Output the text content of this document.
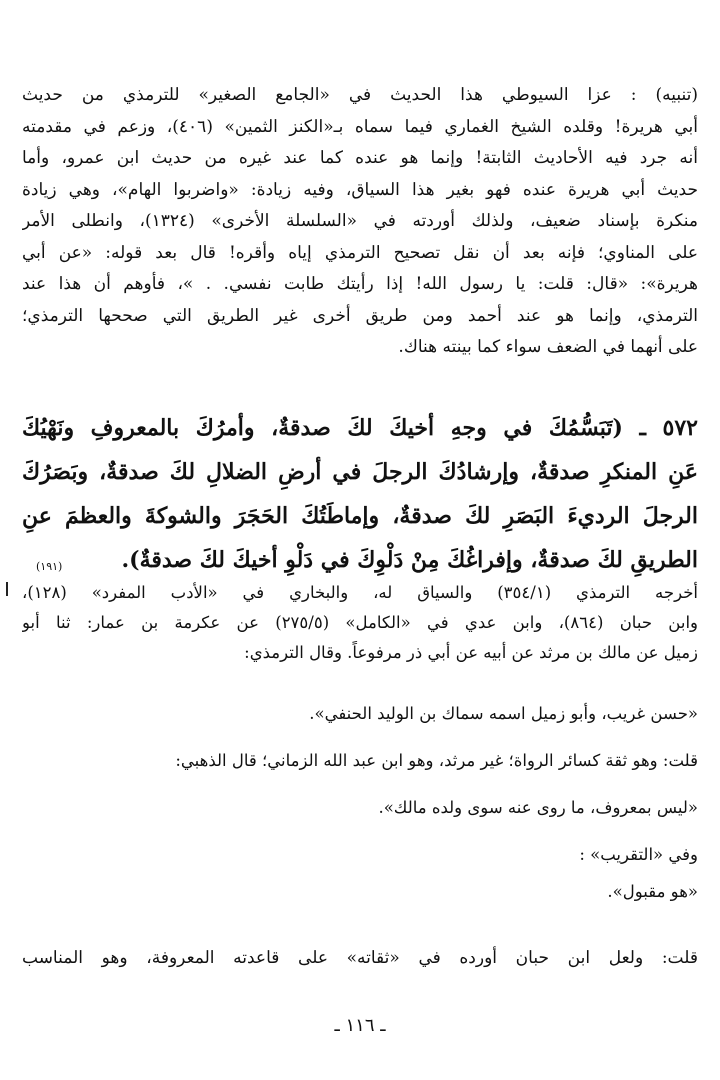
(تنبيه) : عزا السيوطي هذا الحديث في «الجامع الصغير» للترمذي من حديث
أبي هريرة! وقلده الشيخ الغماري فيما سماه بـ«الكنز الثمين» (٤٠٦)، وزعم في مقدمته
أنه جرد فيه الأحاديث الثابتة! وإنما هو عنده كما عند غيره من حديث ابن عمرو، وأما
حديث أبي هريرة عنده فهو بغير هذا السياق، وفيه زيادة: «واضربوا الهام»، وهي زيادة
منكرة بإسناد ضعيف، ولذلك أوردته في «السلسلة الأخرى» (١٣٢٤)، وانطلى الأمر
على المناوي؛ فإنه بعد أن نقل تصحيح الترمذي إياه وأقره! قال بعد قوله: «عن أبي
هريرة»: «قال: قلت: يا رسول الله! إذا رأيتك طابت نفسي. . »، فأوهم أن هذا عند
الترمذي، وإنما هو عند أحمد ومن طريق أخرى غير الطريق التي صححها الترمذي؛
على أنهما في الضعف سواء كما بينته هناك.
٥٧٢ ـ (تَبَسُّمُكَ في وجهِ أخيكَ لكَ صدقةٌ، وأمرُكَ بالمعروفِ ونَهْيُكَ
عَنِ المنكرِ صدقةٌ، وإرشادُكَ الرجلَ في أرضِ الضلالِ لكَ صدقةٌ، وبَصَرُكَ
الرجلَ الرديءَ البَصَرِ لكَ صدقةٌ، وإماطَتُكَ الحَجَرَ والشوكةَ والعظمَ عنِ
الطريقِ لكَ صدقةٌ، وإفراغُكَ مِنْ دَلْوِكَ في دَلْوِ أخيكَ لكَ صدقةٌ).
(١٩١)
أخرجه الترمذي (٣٥٤/١) والسياق له، والبخاري في «الأدب المفرد» (١٢٨)،
وابن حبان (٨٦٤)، وابن عدي في «الكامل» (٢٧٥/٥) عن عكرمة بن عمار: ثنا أبو
زميل عن مالك بن مرثد عن أبيه عن أبي ذر مرفوعاً. وقال الترمذي:
«حسن غريب، وأبو زميل اسمه سماك بن الوليد الحنفي».
قلت: وهو ثقة كسائر الرواة؛ غير مرثد، وهو ابن عبد الله الزماني؛ قال الذهبي:
«ليس بمعروف، ما روى عنه سوى ولده مالك».
وفي «التقريب» :
«هو مقبول».
قلت: ولعل ابن حبان أورده في «ثقاته» على قاعدته المعروفة، وهو المناسب
ـ ١١٦ ـ
